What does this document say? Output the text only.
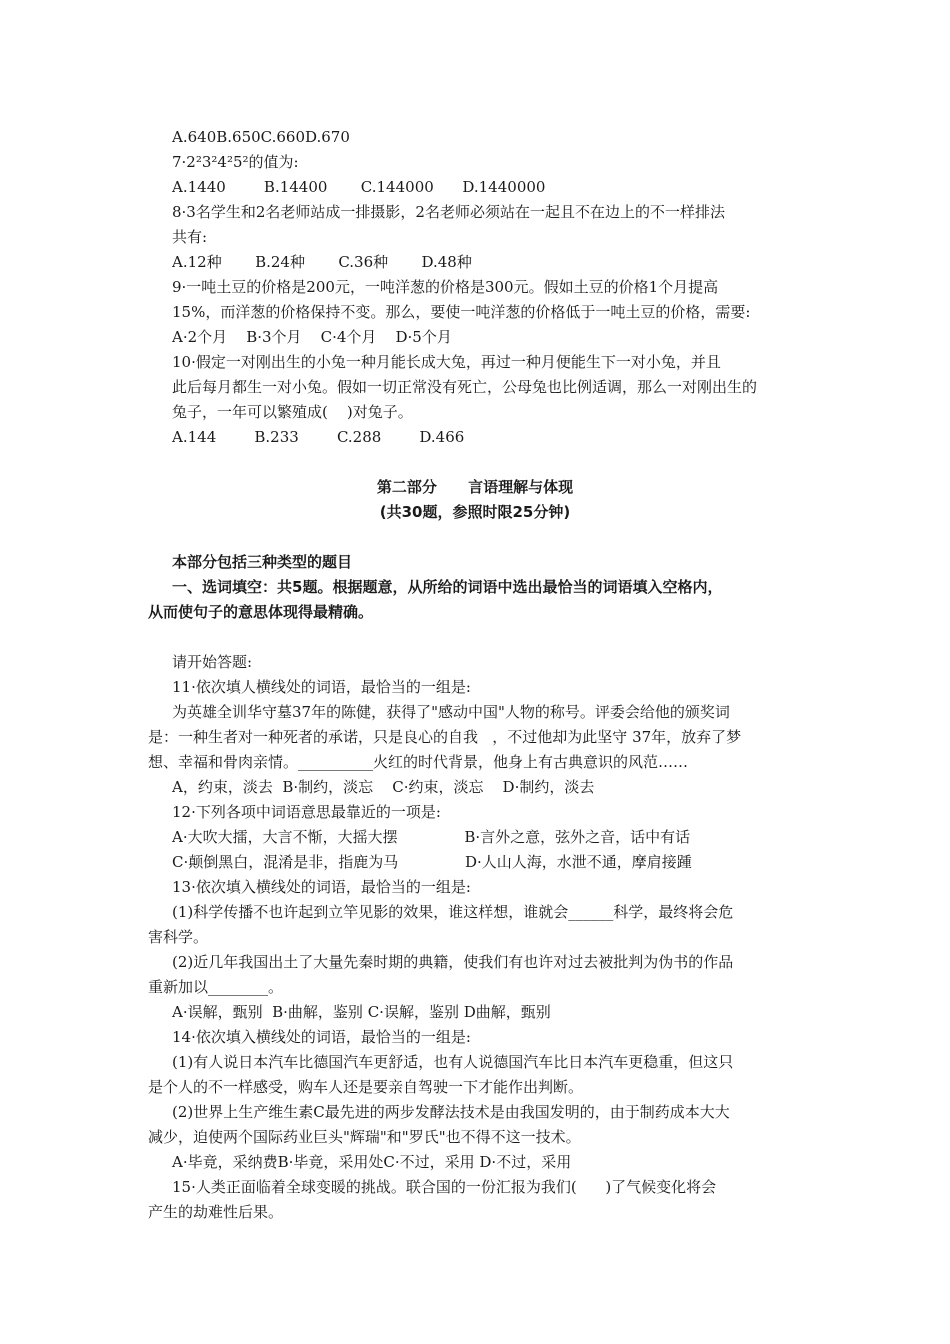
A.640B.650C.660D.670
7·2²3²4²5²的值为:
A.1440        B.14400       C.144000      D.1440000
8·3名学生和2名老师站成一排摄影，2名老师必须站在一起且不在边上的不一样排法
共有:
A.12种       B.24种       C.36种       D.48种
9·一吨土豆的价格是200元，一吨洋葱的价格是300元。假如土豆的价格1个月提高
15%，而洋葱的价格保持不变。那么，要使一吨洋葱的价格低于一吨土豆的价格，需要:
A·2个月    B·3个月    C·4个月    D·5个月
10·假定一对刚出生的小兔一种月能长成大兔，再过一种月便能生下一对小兔，并且
此后每月都生一对小兔。假如一切正常没有死亡，公母兔也比例适调，那么一对刚出生的
兔子，一年可以繁殖成(    )对兔子。
A.144        B.233        C.288        D.466
第二部分      言语理解与体现
(共30题，参照时限25分钟)
本部分包括三种类型的题目
一、选词填空：共5题。根据题意，从所给的词语中选出最恰当的词语填入空格内，
从而使句子的意思体现得最精确。
请开始答题:
11·依次填人横线处的词语，最恰当的一组是:
为英雄全训华守墓37年的陈健，获得了"感动中国"人物的称号。评委会给他的颁奖词
是：一种生者对一种死者的承诺，只是良心的自我   ，不过他却为此坚守 37年，放弃了梦
想、幸福和骨肉亲情。__________火红的时代背景，他身上有古典意识的风范……
A，约束，淡去  B·制约，淡忘    C·约束，淡忘    D·制约，淡去
12·下列各项中词语意思最靠近的一项是:
A·大吹大擂，大言不惭，大摇大摆              B·言外之意，弦外之音，话中有话
C·颠倒黑白，混淆是非，指鹿为马              D·人山人海，水泄不通，摩肩接踵
13·依次填入横线处的词语，最恰当的一组是:
(1)科学传播不也许起到立竿见影的效果，谁这样想，谁就会______科学，最终将会危
害科学。
(2)近几年我国出土了大量先秦时期的典籍，使我们有也许对过去被批判为伪书的作品
重新加以________。
A·误解，甄别  B·曲解，鉴别 C·误解，鉴别 D曲解，甄别
14·依次填入横线处的词语，最恰当的一组是:
(1)有人说日本汽车比德国汽车更舒适，也有人说德国汽车比日本汽车更稳重，但这只
是个人的不一样感受，购车人还是要亲自驾驶一下才能作出判断。
(2)世界上生产维生素C最先进的两步发酵法技术是由我国发明的，由于制药成本大大
减少，迫使两个国际药业巨头"辉瑞"和"罗氏"也不得不这一技术。
A·毕竟，采纳费B·毕竟，采用处C·不过，采用 D·不过，采用
15·人类正面临着全球变暖的挑战。联合国的一份汇报为我们(      )了气候变化将会
产生的劫难性后果。
